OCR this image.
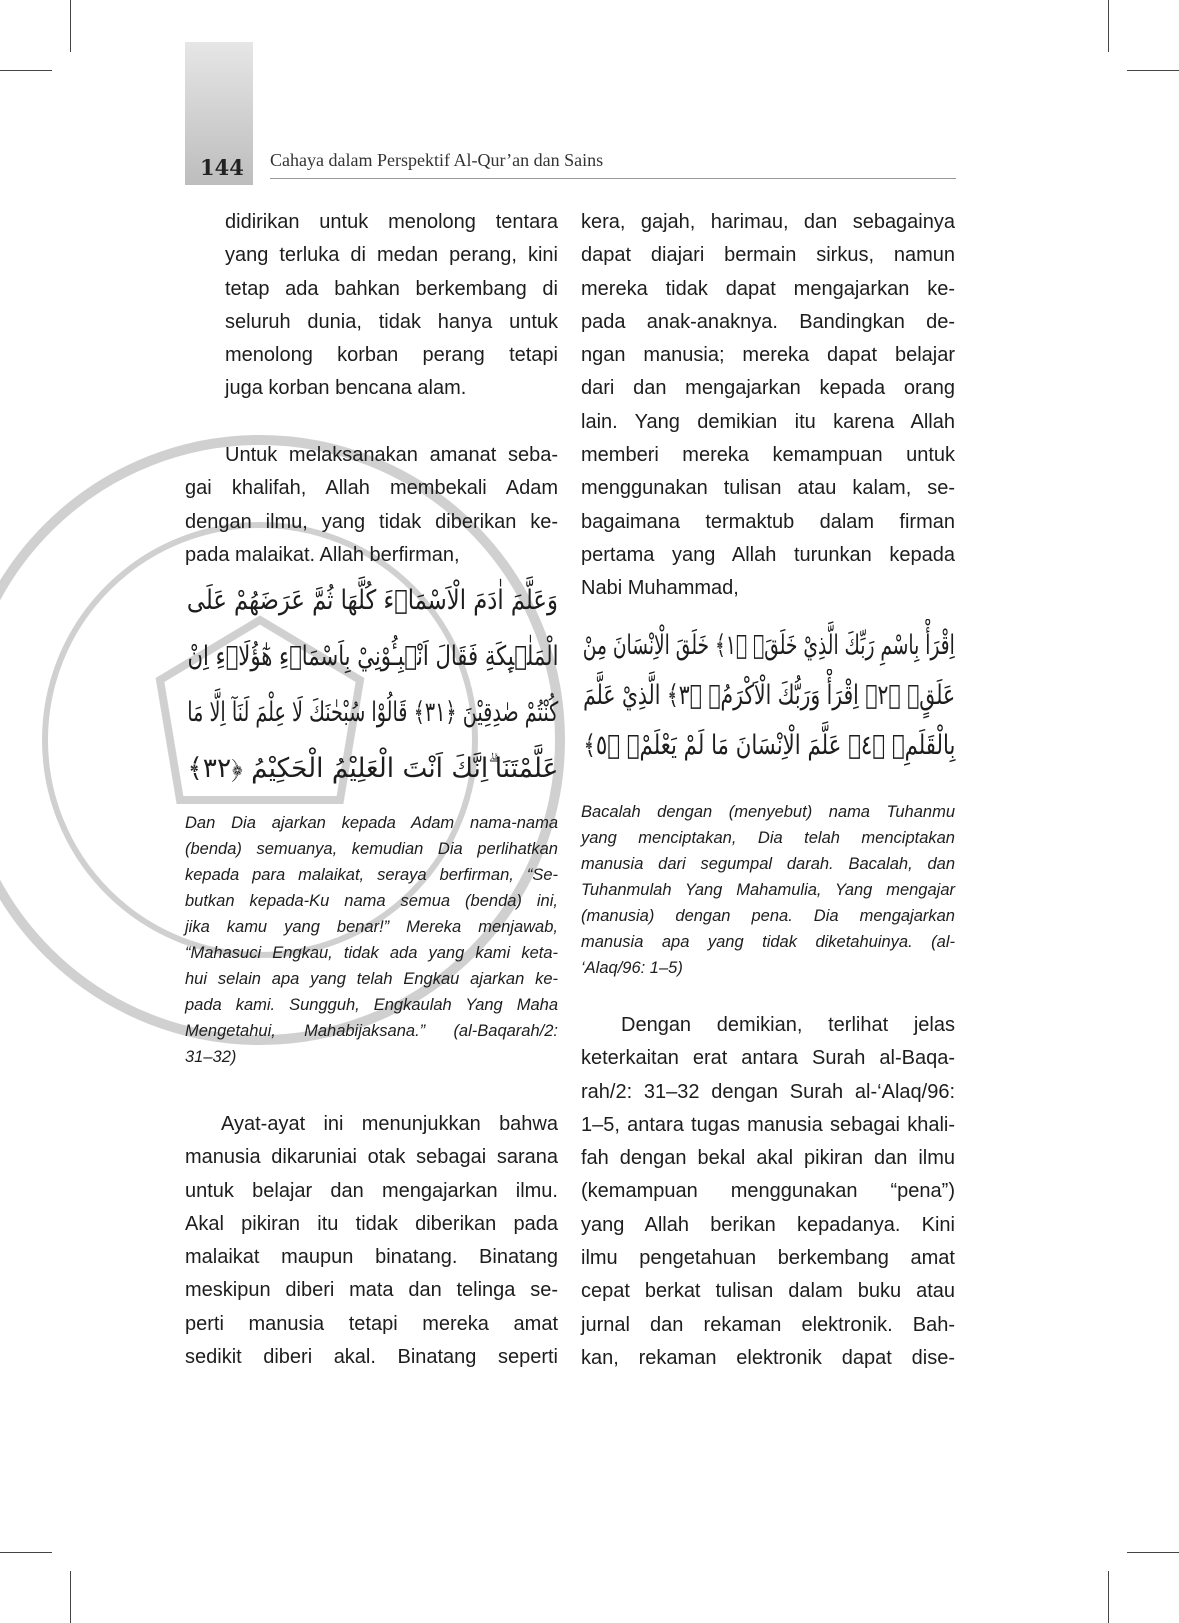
144 Cahaya dalam Perspektif Al-Qur’an dan Sains
didirikan untuk menolong tentara
yang terluka di medan perang, kini
tetap ada bahkan berkembang di
seluruh dunia, tidak hanya untuk
menolong korban perang tetapi
juga korban bencana alam.
Untuk melaksanakan amanat seba-
gai khalifah, Allah membekali Adam
dengan ilmu, yang tidak diberikan ke-
pada malaikat. Allah berfirman,
وَعَلَّمَ اٰدَمَ الْاَسْمَاۤءَ كُلَّهَا ثُمَّ عَرَضَهُمْ عَلَى
الْمَلٰۤىِٕكَةِ فَقَالَ اَنْۢبِـُٔوْنِيْ بِاَسْمَاۤءِ هٰٓؤُلَاۤءِ اِنْ
كُنْتُمْ صٰدِقِيْنَ ﴿٣١﴾ قَالُوْا سُبْحٰنَكَ لَا عِلْمَ لَنَآ اِلَّا مَا
عَلَّمْتَنَا ۗاِنَّكَ اَنْتَ الْعَلِيْمُ الْحَكِيْمُ ﴿٣٢﴾
Dan Dia ajarkan kepada Adam nama-nama
(benda) semuanya, kemudian Dia perlihatkan
kepada para malaikat, seraya berfirman, “Se-
butkan kepada-Ku nama semua (benda) ini,
jika kamu yang benar!” Mereka menjawab,
“Mahasuci Engkau, tidak ada yang kami keta-
hui selain apa yang telah Engkau ajarkan ke-
pada kami. Sungguh, Engkaulah Yang Maha
Mengetahui, Mahabijaksana.” (al-Baqarah/2:
31–32)
Ayat-ayat ini menunjukkan bahwa
manusia dikaruniai otak sebagai sarana
untuk belajar dan mengajarkan ilmu.
Akal pikiran itu tidak diberikan pada
malaikat maupun binatang. Binatang
meskipun diberi mata dan telinga se-
perti manusia tetapi mereka amat
sedikit diberi akal. Binatang seperti
kera, gajah, harimau, dan sebagainya
dapat diajari bermain sirkus, namun
mereka tidak dapat mengajarkan ke-
pada anak-anaknya. Bandingkan de-
ngan manusia; mereka dapat belajar
dari dan mengajarkan kepada orang
lain. Yang demikian itu karena Allah
memberi mereka kemampuan untuk
menggunakan tulisan atau kalam, se-
bagaimana termaktub dalam firman
pertama yang Allah turunkan kepada
Nabi Muhammad,
اِقْرَأْ بِاسْمِ رَبِّكَ الَّذِيْ خَلَقَۚ ﴿١﴾ خَلَقَ الْاِنْسَانَ مِنْ
عَلَقٍۚ ﴿٢﴾ اِقْرَأْ وَرَبُّكَ الْاَكْرَمُۙ ﴿٣﴾ الَّذِيْ عَلَّمَ
بِالْقَلَمِۙ ﴿٤﴾ عَلَّمَ الْاِنْسَانَ مَا لَمْ يَعْلَمْۗ ﴿٥﴾
Bacalah dengan (menyebut) nama Tuhanmu
yang menciptakan, Dia telah menciptakan
manusia dari segumpal darah. Bacalah, dan
Tuhanmulah Yang Mahamulia, Yang mengajar
(manusia) dengan pena. Dia mengajarkan
manusia apa yang tidak diketahuinya. (al-
‘Alaq/96: 1–5)
Dengan demikian, terlihat jelas
keterkaitan erat antara Surah al-Baqa-
rah/2: 31–32 dengan Surah al-‘Alaq/96:
1–5, antara tugas manusia sebagai khali-
fah dengan bekal akal pikiran dan ilmu
(kemampuan menggunakan “pena”)
yang Allah berikan kepadanya. Kini
ilmu pengetahuan berkembang amat
cepat berkat tulisan dalam buku atau
jurnal dan rekaman elektronik. Bah-
kan, rekaman elektronik dapat dise-
